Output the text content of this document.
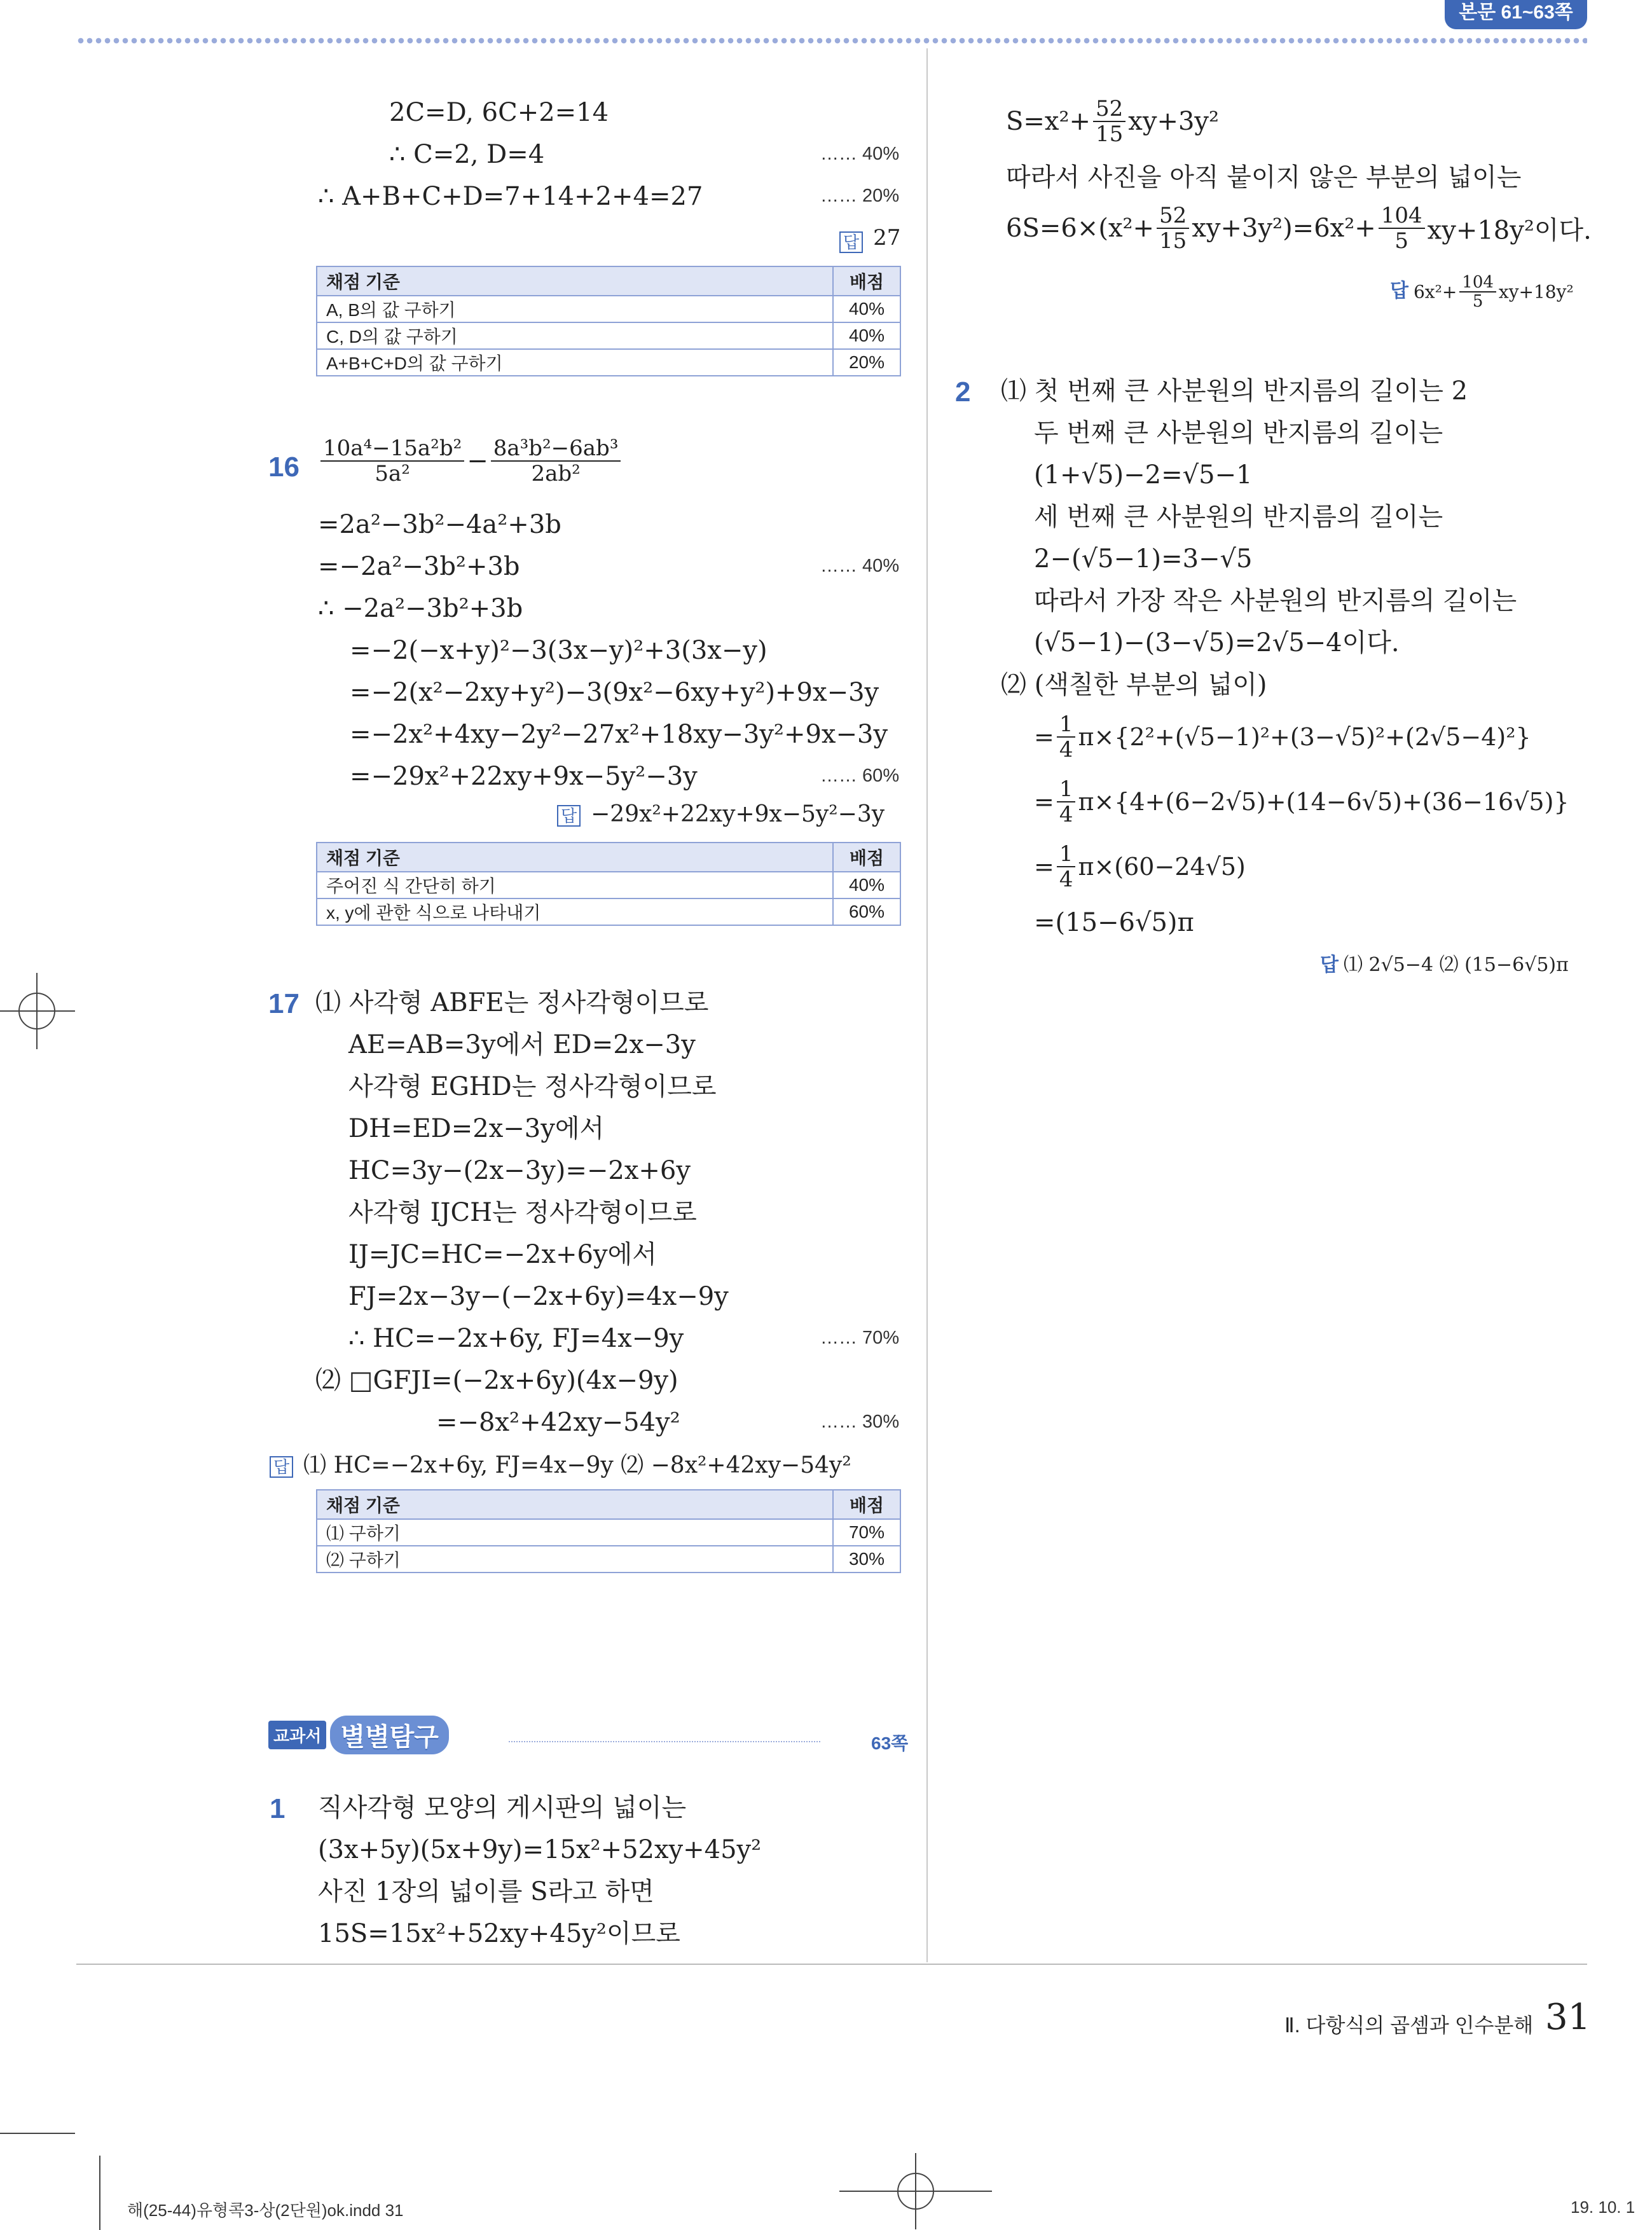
본문 61~63쪽
2C=D, 6C+2=14
∴ C=2, D=4	…… 40%
∴ A+B+C+D=7+14+2+4=27	…… 20%
답 27
채점 기준	배점
A, B의 값 구하기	40%
C, D의 값 구하기	40%
A+B+C+D의 값 구하기	20%
$16 \frac{\text{10a⁴−15a²b²}}{\text{5a²}} - \frac{\text{8a³b²−6ab³}}{\text{2ab²}}$
=2a²−3b²−4a²+3b
=−2a²−3b²+3b	…… 40%
∴ −2a²−3b²+3b
=−2(−x+y)²−3(3x−y)²+3(3x−y)
=−2(x²−2xy+y²)−3(9x²−6xy+y²)+9x−3y
=−2x²+4xy−2y²−27x²+18xy−3y²+9x−3y
=−29x²+22xy+9x−5y²−3y	…… 60%
답 −29x²+22xy+9x−5y²−3y
채점 기준	배점
주어진 식 간단히 하기	40%
x, y에 관한 식으로 나타내기	60%
17 ⑴ 사각형 ABFE는 정사각형이므로
AE=AB=3y에서 ED=2x−3y
사각형 EGHD는 정사각형이므로
DH=ED=2x−3y에서
HC=3y−(2x−3y)=−2x+6y
사각형 IJCH는 정사각형이므로
IJ=JC=HC=−2x+6y에서
FJ=2x−3y−(−2x+6y)=4x−9y
∴ HC=−2x+6y, FJ=4x−9y	…… 70%
⑵ □GFJI=(−2x+6y)(4x−9y)
=−8x²+42xy−54y²	…… 30%
답 ⑴ HC=−2x+6y, FJ=4x−9y ⑵ −8x²+42xy−54y²
채점 기준	배점
⑴ 구하기	70%
⑵ 구하기	30%
교과서 별별탐구	63쪽
1 직사각형 모양의 게시판의 넓이는
(3x+5y)(5x+9y)=15x²+52xy+45y²
사진 1장의 넓이를 S라고 하면
15S=15x²+52xy+45y²이므로
$S=x^2+ \frac{52}{15} xy+3y^2$
따라서 사진을 아직 붙이지 않은 부분의 넓이는
$6S=6\times(x^2+ \frac{52}{15} xy+3y^2)=6x^2+ \frac{104}{5} xy+18y^2$이다.
답 $6x^2+ \frac{104}{5} xy+18y^2$
2 ⑴ 첫 번째 큰 사분원의 반지름의 길이는 2
두 번째 큰 사분원의 반지름의 길이는
(1+√5)−2=√5−1
세 번째 큰 사분원의 반지름의 길이는
2−(√5−1)=3−√5
따라서 가장 작은 사분원의 반지름의 길이는
(√5−1)−(3−√5)=2√5−4이다.
⑵ (색칠한 부분의 넓이)
= $\frac{1}{4} \pi\times\{2^2+(√5-1)^2+(3-√5)^2+(2√5-4)^2\}$
= $\frac{1}{4} \pi\times\{4+(6-2√5)+(14-6√5)+(36-16√5)\}$
= $\frac{1}{4} \pi\times(60-24√5)$
=(15−6√5)π
답 ⑴ 2√5−4 ⑵ (15−6√5)π
Ⅱ. 다항식의 곱셈과 인수분해 31
해(25-44)유형콕3-상(2단원)ok.indd 31	19. 10. 1
